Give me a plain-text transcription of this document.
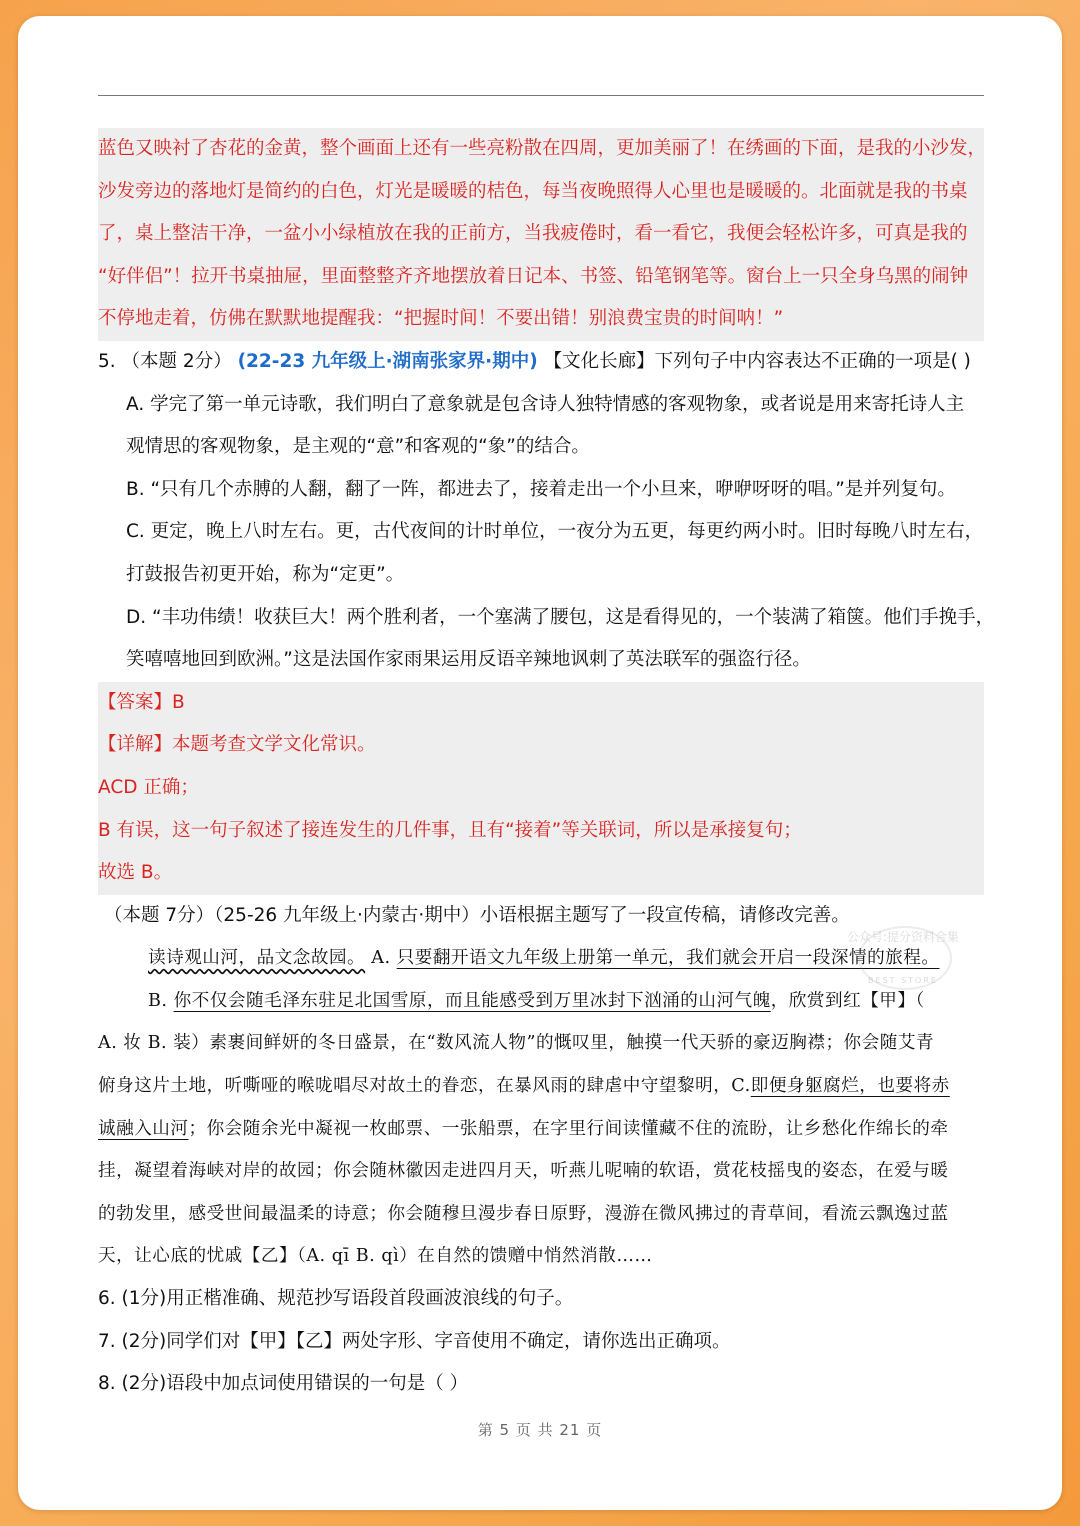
蓝色又映衬了杏花的金黄，整个画面上还有一些亮粉散在四周，更加美丽了！在绣画的下面，是我的小沙发，
沙发旁边的落地灯是简约的白色，灯光是暖暖的桔色，每当夜晚照得人心里也是暖暖的。北面就是我的书桌
了，桌上整洁干净，一盆小小绿植放在我的正前方，当我疲倦时，看一看它，我便会轻松许多，可真是我的
“好伴侣”！拉开书桌抽屉，里面整整齐齐地摆放着日记本、书签、铅笔钢笔等。窗台上一只全身乌黑的闹钟
不停地走着，仿佛在默默地提醒我：“把握时间！不要出错！别浪费宝贵的时间呐！”
5. （本题 2分） (22-23 九年级上·湖南张家界·期中) 【文化长廊】下列句子中内容表达不正确的一项是( )
A. 学完了第一单元诗歌，我们明白了意象就是包含诗人独特情感的客观物象，或者说是用来寄托诗人主
观情思的客观物象，是主观的“意”和客观的“象”的结合。
B. “只有几个赤膊的人翻，翻了一阵，都进去了，接着走出一个小旦来，咿咿呀呀的唱。”是并列复句。
C. 更定，晚上八时左右。更，古代夜间的计时单位，一夜分为五更，每更约两小时。旧时每晚八时左右，
打鼓报告初更开始，称为“定更”。
D. “丰功伟绩！收获巨大！两个胜利者，一个塞满了腰包，这是看得见的，一个装满了箱箧。他们手挽手，
笑嘻嘻地回到欧洲。”这是法国作家雨果运用反语辛辣地讽刺了英法联军的强盗行径。
【答案】B
【详解】本题考查文学文化常识。
ACD 正确；
B 有误，这一句子叙述了接连发生的几件事，且有“接着”等关联词，所以是承接复句；
故选 B。
（本题 7分）（25-26 九年级上·内蒙古·期中）小语根据主题写了一段宣传稿，请修改完善。
读诗观山河，品文念故园。 A. 只要翻开语文九年级上册第一单元，我们就会开启一段深情的旅程。
B. 你不仅会随毛泽东驻足北国雪原，而且能感受到万里冰封下汹涌的山河气魄，欣赏到红【甲】（
A. 妆 B. 装）素裹间鲜妍的冬日盛景，在“数风流人物”的慨叹里，触摸一代天骄的豪迈胸襟；你会随艾青
俯身这片土地，听嘶哑的喉咙唱尽对故土的眷恋，在暴风雨的肆虐中守望黎明，C.即便身躯腐烂，也要将赤
诚融入山河；你会随余光中凝视一枚邮票、一张船票，在字里行间读懂藏不住的流盼，让乡愁化作绵长的牵
挂，凝望着海峡对岸的故园；你会随林徽因走进四月天，听燕儿呢喃的软语，赏花枝摇曳的姿态，在爱与暖
的勃发里，感受世间最温柔的诗意；你会随穆旦漫步春日原野，漫游在微风拂过的青草间，看流云飘逸过蓝
天，让心底的忧戚【乙】（A. qī B. qì）在自然的馈赠中悄然消散……
6. (1分)用正楷准确、规范抄写语段首段画波浪线的句子。
7. (2分)同学们对【甲】【乙】两处字形、字音使用不确定，请你选出正确项。
8. (2分)语段中加点词使用错误的一句是（ ）
公众号:提分资料合集
BEST STORE
第 5 页 共 21 页
